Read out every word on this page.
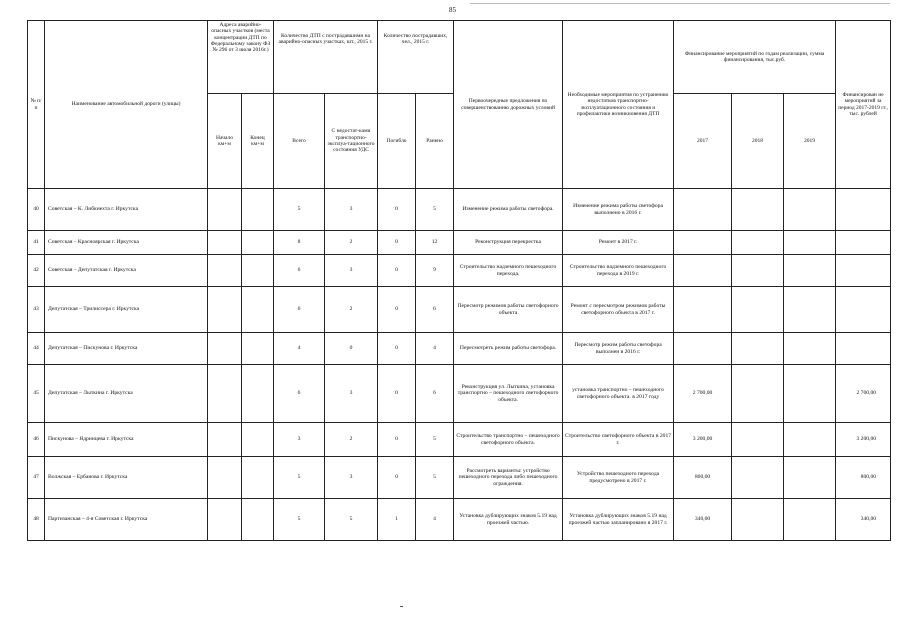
85
№ п/п	Наименование автомобильной дороги (улицы)	Адреса аварийно-опасных участков (места концентрации ДТП по Федеральному закону ФЗ № 296 от 3 июля 2016г.)		Количество ДТП с пострадавшими на аварийно-опасных участках, шт., 2015 г.		Количество пострадавших, чел., 2015 г.		Первоочередные предложения по совершенствованию дорожных условий	Необходимые мероприятия по устранению недостатков транспортно-эксплуатационного состояния и профилактики возникновения ДТП	Финансирование мероприятий по годам реализации, сумма финансирования, тыс.руб.			Финансирован ие мероприятий за период 2017-2019 гг., тыс. рублей
		Начало км+м	Конец км+м	Всего	С недостат-ками транспортно-эксплуа-тационного состояния УДС	Погибло	Ранено			2017	2018	2019	
40	Советская – К. Либкнехта г. Иркутска			5	3	0	5	Изменение режима работы светофора.	Изменение режима работы светофора выполнено в 2016 г.				
41	Советская – Красноярская г. Иркутска			8	2	0	12	Реконструкция перекрестка	Ремонт в 2017 г.				
42	Советская – Депутатская г. Иркутска			6	3	0	9	Строительство надземного пешеходного перехода.	Строительство надземного пешеходного перехода в 2019 г.				
43	Депутатская – Трилиссера г. Иркутска			6	2	0	6	Пересмотр режимов работы светофорного объекта	Ремонт с пересмотром режимов работы светофорного объекта в 2017 г.				
44	Депутатская – Пискунова г. Иркутска			4	0	0	4	Пересмотреть режим работы светофора.	Пересмотр режим работы светофора выполнен в 2016 г.				
45	Депутатская – Лыткина г. Иркутска			6	3	0	6	Реконструкция ул. Лыткина, установка транспортно – пешеходного светофорного объекта.	установка транспортно – пешеходного светофорного объекта. в 2017 году	2 700,00			2 700,00
46	Пискунова – Ядринцева г. Иркутска			3	2	0	5	Строительство транспортно – пешеходного светофорного объекта.	Строительство светофорного объекта в 2017 г.	3 200,00			3 200,00
47	Волжская – Ербанова г. Иркутска			5	3	0	5	Рассмотреть варианты: устройство пешеходного перехода либо пешеходного ограждения.	Устройство пешеходного перехода предусмотрено в 2017 г.	800,00			800,00
48	Партизанская – 4-я Советская г. Иркутска			5	5	1	4	Установка дублирующих знаков 5.19 над проезжей частью.	Установка дублирующих знаков 5.19 над проезжей частью запланировано в 2017 г.	340,00			340,00
